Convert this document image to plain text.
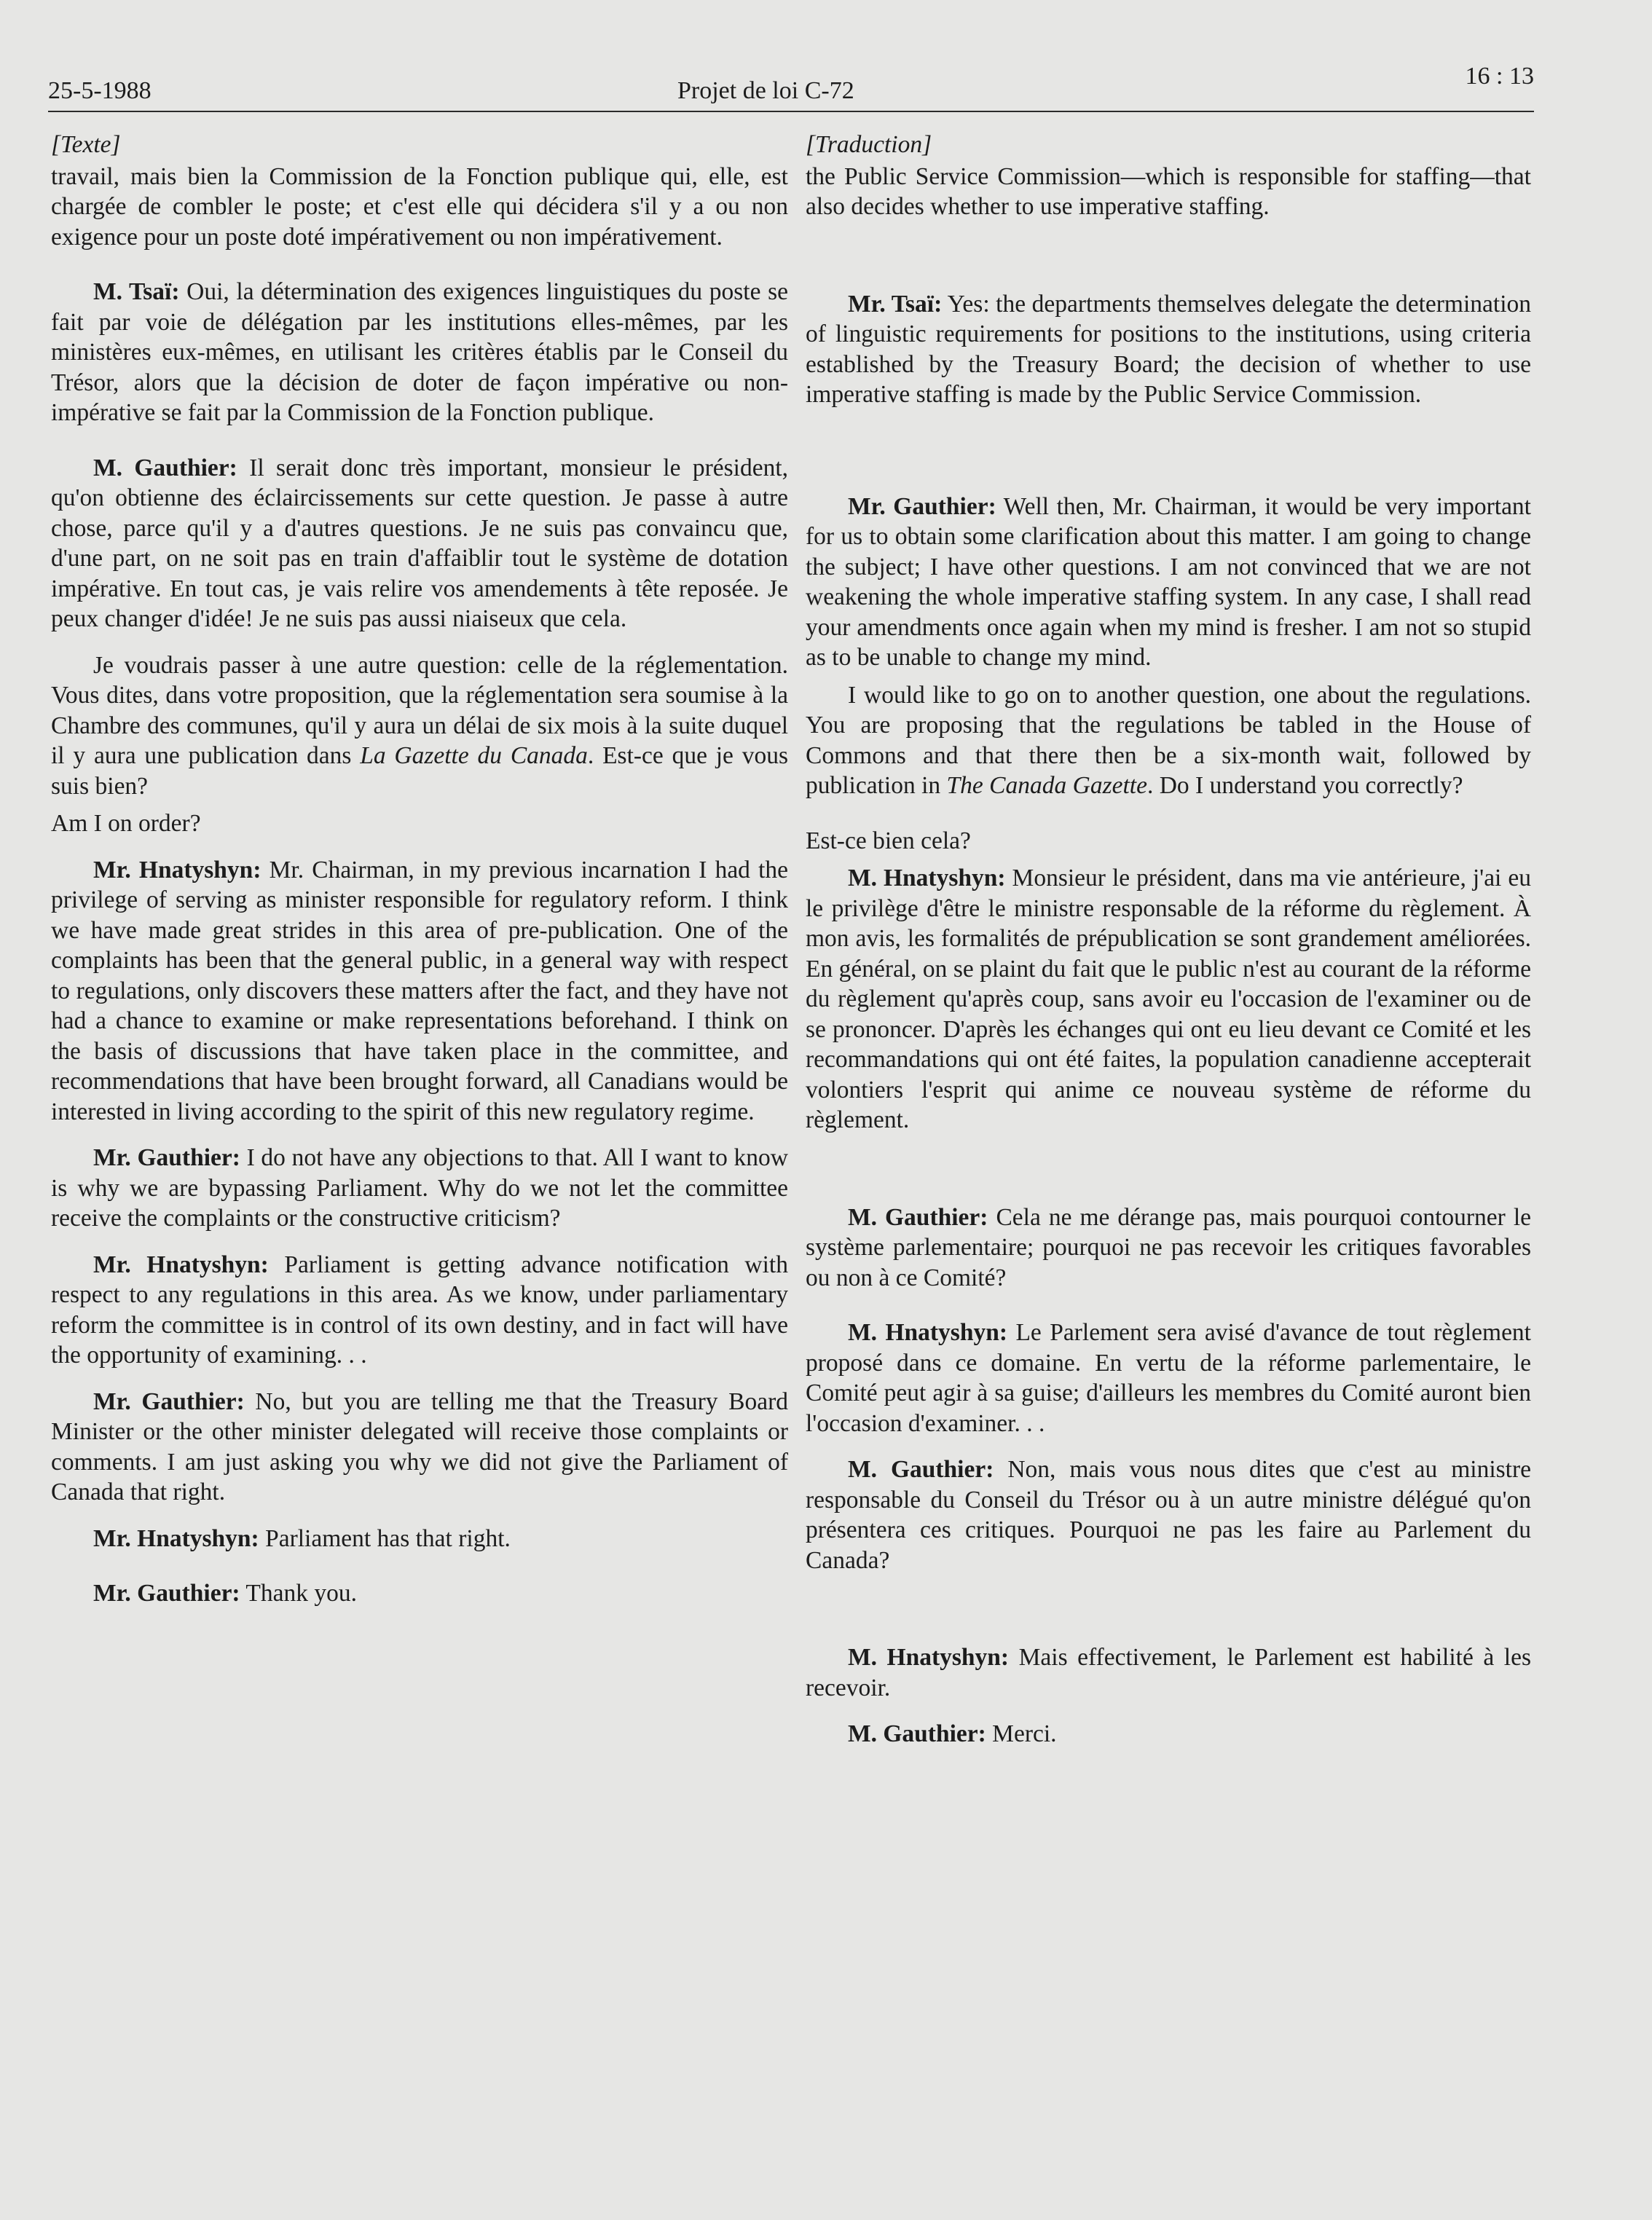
25-5-1988	Projet de loi C-72
16 : 13
[Texte]

travail, mais bien la Commission de la Fonction publique qui, elle, est chargée de combler le poste; et c'est elle qui décidera s'il y a ou non exigence pour un poste doté impérativement ou non impérativement.

M. Tsaï: Oui, la détermination des exigences linguistiques du poste se fait par voie de délégation par les institutions elles-mêmes, par les ministères eux-mêmes, en utilisant les critères établis par le Conseil du Trésor, alors que la décision de doter de façon impérative ou non-impérative se fait par la Commission de la Fonction publique.

M. Gauthier: Il serait donc très important, monsieur le président, qu'on obtienne des éclaircissements sur cette question. Je passe à autre chose, parce qu'il y a d'autres questions. Je ne suis pas convaincu que, d'une part, on ne soit pas en train d'affaiblir tout le système de dotation impérative. En tout cas, je vais relire vos amendements à tête reposée. Je peux changer d'idée! Je ne suis pas aussi niaiseux que cela.

Je voudrais passer à une autre question: celle de la réglementation. Vous dites, dans votre proposition, que la réglementation sera soumise à la Chambre des communes, qu'il y aura un délai de six mois à la suite duquel il y aura une publication dans La Gazette du Canada. Est-ce que je vous suis bien?

Am I on order?

Mr. Hnatyshyn: Mr. Chairman, in my previous incarnation I had the privilege of serving as minister responsible for regulatory reform. I think we have made great strides in this area of pre-publication. One of the complaints has been that the general public, in a general way with respect to regulations, only discovers these matters after the fact, and they have not had a chance to examine or make representations beforehand. I think on the basis of discussions that have taken place in the committee, and recommendations that have been brought forward, all Canadians would be interested in living according to the spirit of this new regulatory regime.

Mr. Gauthier: I do not have any objections to that. All I want to know is why we are bypassing Parliament. Why do we not let the committee receive the complaints or the constructive criticism?

Mr. Hnatyshyn: Parliament is getting advance notification with respect to any regulations in this area. As we know, under parliamentary reform the committee is in control of its own destiny, and in fact will have the opportunity of examining. . .

Mr. Gauthier: No, but you are telling me that the Treasury Board Minister or the other minister delegated will receive those complaints or comments. I am just asking you why we did not give the Parliament of Canada that right.

Mr. Hnatyshyn: Parliament has that right.

Mr. Gauthier: Thank you.

[Traduction]

the Public Service Commission—which is responsible for staffing—that also decides whether to use imperative staffing.

Mr. Tsaï: Yes: the departments themselves delegate the determination of linguistic requirements for positions to the institutions, using criteria established by the Treasury Board; the decision of whether to use imperative staffing is made by the Public Service Commission.

Mr. Gauthier: Well then, Mr. Chairman, it would be very important for us to obtain some clarification about this matter. I am going to change the subject; I have other questions. I am not convinced that we are not weakening the whole imperative staffing system. In any case, I shall read your amendments once again when my mind is fresher. I am not so stupid as to be unable to change my mind.

I would like to go on to another question, one about the regulations. You are proposing that the regulations be tabled in the House of Commons and that there then be a six-month wait, followed by publication in The Canada Gazette. Do I understand you correctly?

Est-ce bien cela?

M. Hnatyshyn: Monsieur le président, dans ma vie antérieure, j'ai eu le privilège d'être le ministre responsable de la réforme du règlement. À mon avis, les formalités de prépublication se sont grandement améliorées. En général, on se plaint du fait que le public n'est au courant de la réforme du règlement qu'après coup, sans avoir eu l'occasion de l'examiner ou de se prononcer. D'après les échanges qui ont eu lieu devant ce Comité et les recommandations qui ont été faites, la population canadienne accepterait volontiers l'esprit qui anime ce nouveau système de réforme du règlement.

M. Gauthier: Cela ne me dérange pas, mais pourquoi contourner le système parlementaire; pourquoi ne pas recevoir les critiques favorables ou non à ce Comité?

M. Hnatyshyn: Le Parlement sera avisé d'avance de tout règlement proposé dans ce domaine. En vertu de la réforme parlementaire, le Comité peut agir à sa guise; d'ailleurs les membres du Comité auront bien l'occasion d'examiner. . .

M. Gauthier: Non, mais vous nous dites que c'est au ministre responsable du Conseil du Trésor ou à un autre ministre délégué qu'on présentera ces critiques. Pourquoi ne pas les faire au Parlement du Canada?

M. Hnatyshyn: Mais effectivement, le Parlement est habilité à les recevoir.

M. Gauthier: Merci.
